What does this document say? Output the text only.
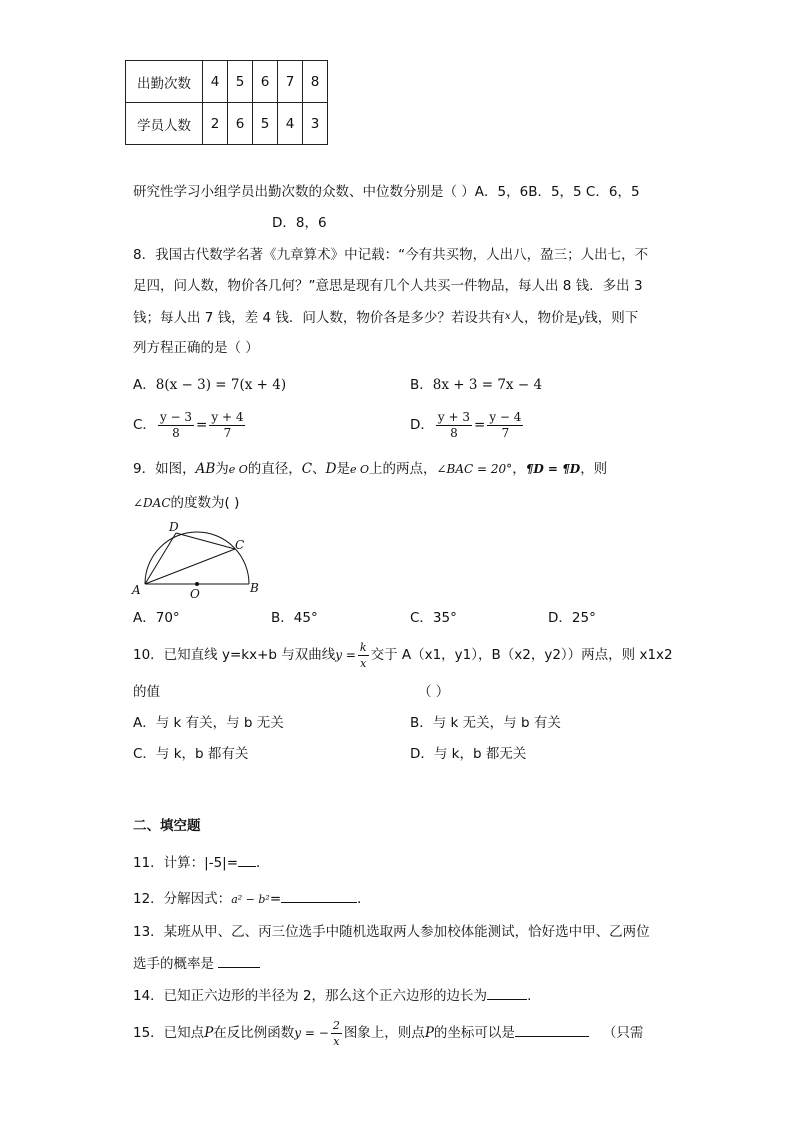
出勤次数	4	5	6	7	8
学员人数	2	6	5	4	3
研究性学习小组学员出勤次数的众数、中位数分别是（ ）A．5，6B．5，5 C．6，5
D．8，6
8．我国古代数学名著《九章算术》中记载：“今有共买物，人出八，盈三；人出七，不
足四，问人数，物价各几何？”意思是现有几个人共买一件物品，每人出 8 钱．多出 3
钱；每人出 7 钱，差 4 钱．问人数，物价各是多少？若设共有$^x$人，物价是y钱，则下
列方程正确的是（ ）
A．8(x − 3) = 7(x + 4)	B．8x + 3 = 7x − 4
C． $\frac{y - 3}{8} = \frac{y + 4}{7}$	D． $\frac{y + 3}{8} = \frac{y - 4}{7}$
9．如图，AB为e O的直径，C、D是e O上的两点，∠BAC = 20°，¶D = ¶D，则
∠DAC的度数为( )
D
C
A	O	B
A．70°	B．45°	C．35°	D．25°
10．已知直线 y=kx+b 与双曲线$y = \frac{k}{x}$ 交于 A（x1，y1），B（x2，y2））两点，则 x1x2
的值	（ ）
A．与 k 有关，与 b 无关	B．与 k 无关，与 b 有关
C．与 k，b 都有关	D．与 k，b 都无关
二、填空题
11．计算：|-5|= ．
12．分解因式：a² − b²=	．
13．某班从甲、乙、丙三位选手中随机选取两人参加校体能测试，恰好选中甲、乙两位
选手的概率是
14．已知正六边形的半径为 2，那么这个正六边形的边长为	.
15．已知点P在反比例函数y = − $\frac{2}{x}$ 图象上，则点P的坐标可以是	（只需
